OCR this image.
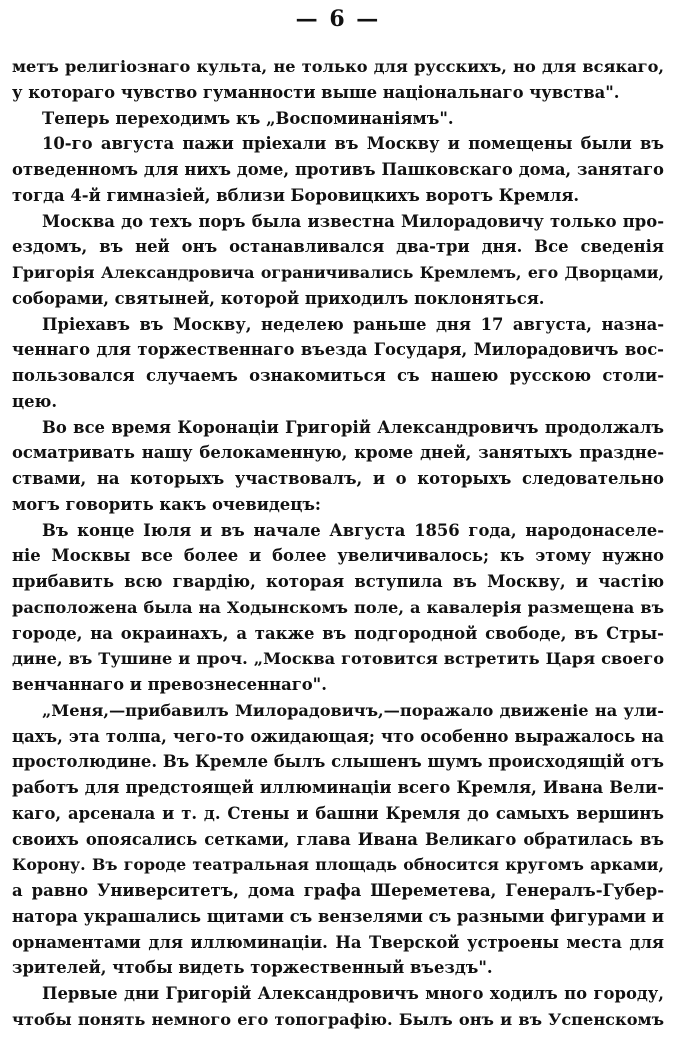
— 6 —
метъ религiознаго культа, не только для русскихъ, но для всякаго,
у котораго чувство гуманности выше нацiональнаго чувства".
Теперь переходимъ къ „Воспоминанiямъ".
10-го августа пажи прiехали въ Москву и помещены были въ
отведенномъ для нихъ доме, противъ Пашковскаго дома, занятаго
тогда 4-й гимназiей, вблизи Боровицкихъ воротъ Кремля.
Москва до техъ поръ была известна Милорадовичу только про-
ездомъ, въ ней онъ останавливался два-три дня. Все сведенiя
Григорiя Александровича ограничивались Кремлемъ, его Дворцами,
соборами, святыней, которой приходилъ поклоняться.
Прiехавъ въ Москву, неделею раньше дня 17 августа, назна-
ченнаго для торжественнаго въезда Государя, Милорадовичъ вос-
пользовался случаемъ ознакомиться съ нашею русскою столи-
цею.
Во все время Коронацiи Григорiй Александровичъ продолжалъ
осматривать нашу белокаменную, кроме дней, занятыхъ празднe-
ствами, на которыхъ участвовалъ, и о которыхъ следовательно
могъ говорить какъ очевидецъ:
Въ конце Iюля и въ начале Августа 1856 года, народонаселе-
нiе Москвы все более и более увеличивалось; къ этому нужно
прибавить всю гвардiю, которая вступила въ Москву, и частiю
расположена была на Ходынскомъ поле, а кавалерiя размещена въ
городе, на окраинахъ, а также въ подгородной свободе, въ Стры-
дине, въ Тушине и проч. „Москва готовится встретить Царя своего
венчаннаго и превознесеннаго".
„Меня,—прибавилъ Милорадовичъ,—поражало движенiе на ули-
цахъ, эта толпа, чего-то ожидающая; что особенно выражалось на
простолюдине. Въ Кремле былъ слышенъ шумъ происходящiй отъ
работъ для предстоящей иллюминацiи всего Кремля, Ивана Вели-
каго, арсенала и т. д. Стены и башни Кремля до самыхъ вершинъ
своихъ опоясались сетками, глава Ивана Великаго обратилась въ
Корону. Въ городе театральная площадь обносится кругомъ арками,
а равно Университетъ, дома графа Шереметева, Генералъ-Губер-
натора украшались щитами съ вензелями съ разными фигурами и
орнаментами для иллюминацiи. На Тверской устроены места для
зрителей, чтобы видеть торжественный въездъ".
Первые дни Григорiй Александровичъ много ходилъ по городу,
чтобы понять немного его топографiю. Былъ онъ и въ Успенскомъ
